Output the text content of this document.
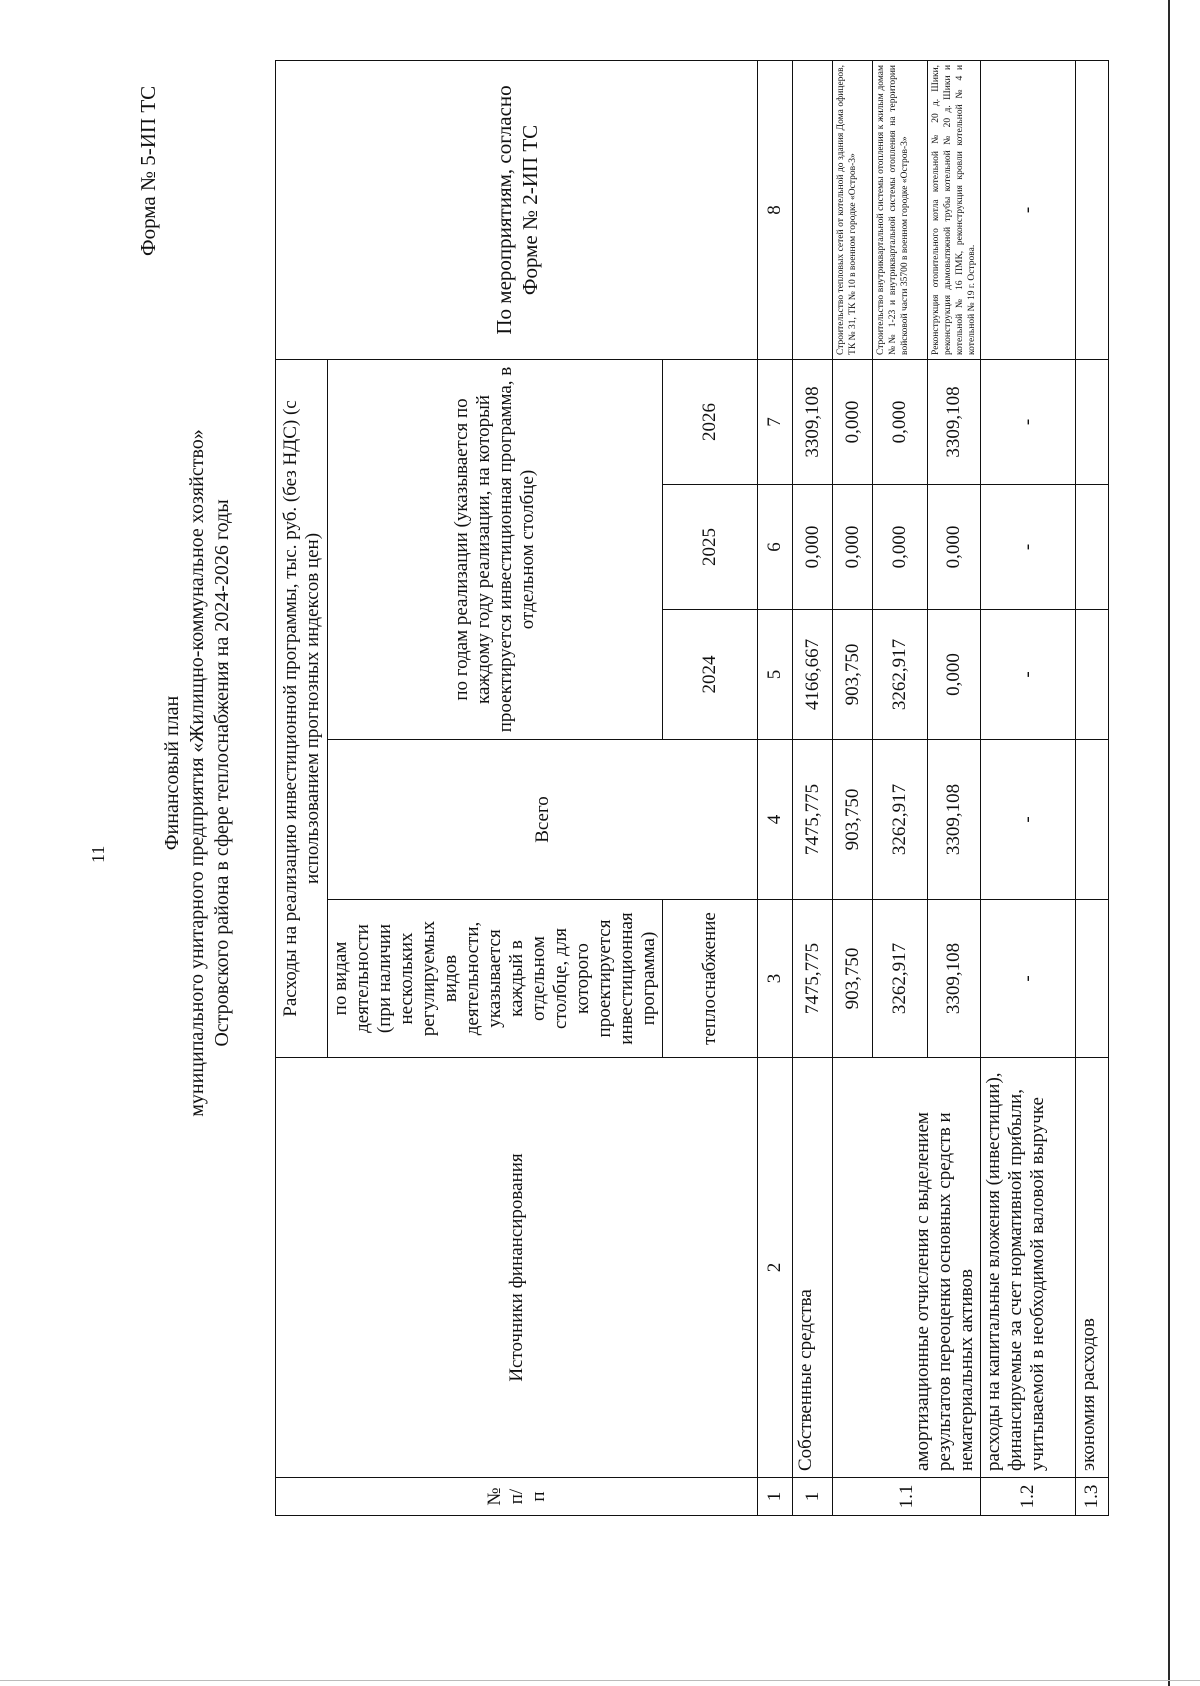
11
Форма № 5-ИП ТС
Финансовый план муниципального унитарного предприятия «Жилищно-коммунальное хозяйство» Островского района в сфере теплоснабжения на 2024-2026 годы
№ п/п	Источники финансирования	Расходы на реализацию инвестиционной программы, тыс. руб. (без НДС) (с использованием прогнозных индексов цен)					По мероприятиям, согласно Форме № 2-ИП ТС
		по видам деятельности (при наличии нескольких регулируемых видов деятельности, указывается каждый в отдельном столбце, для которого проектируется инвестиционная программа)	Всего	по годам реализации (указывается по каждому году реализации, на который проектируется инвестиционная программа, в отдельном столбце)			
		теплоснабжение		2024	2025	2026	
1	2	3	4	5	6	7	8
1	Собственные средства	7475,775	7475,775	4166,667	0,000	3309,108	
1.1	амортизационные отчисления с выделением результатов переоценки основных средств и нематериальных активов	903,750	903,750	903,750	0,000	0,000	Строительство тепловых сетей от котельной до здания Дома офицеров, ТК № 31, ТК № 10 в военном городке «Остров-3»
		3262,917	3262,917	3262,917	0,000	0,000	Строительство внутриквартальной системы отопления к жилым домам №№ 1-23 и внутриквартальной системы отопления на территории войсковой части 35700 в военном городке «Остров-3»
		3309,108	3309,108	0,000	0,000	3309,108	Реконструкция отопительного котла котельной № 20 д. Шики, реконструкция дымовытяжной трубы котельной № 20 д. Шики и котельной № 16 ПМК, реконструкция кровли котельной № 4 и котельной № 19 г. Острова.
1.2	расходы на капитальные вложения (инвестиции), финансируемые за счет нормативной прибыли, учитываемой в необходимой валовой выручке	-	-	-	-	-	-
1.3	экономия расходов						
